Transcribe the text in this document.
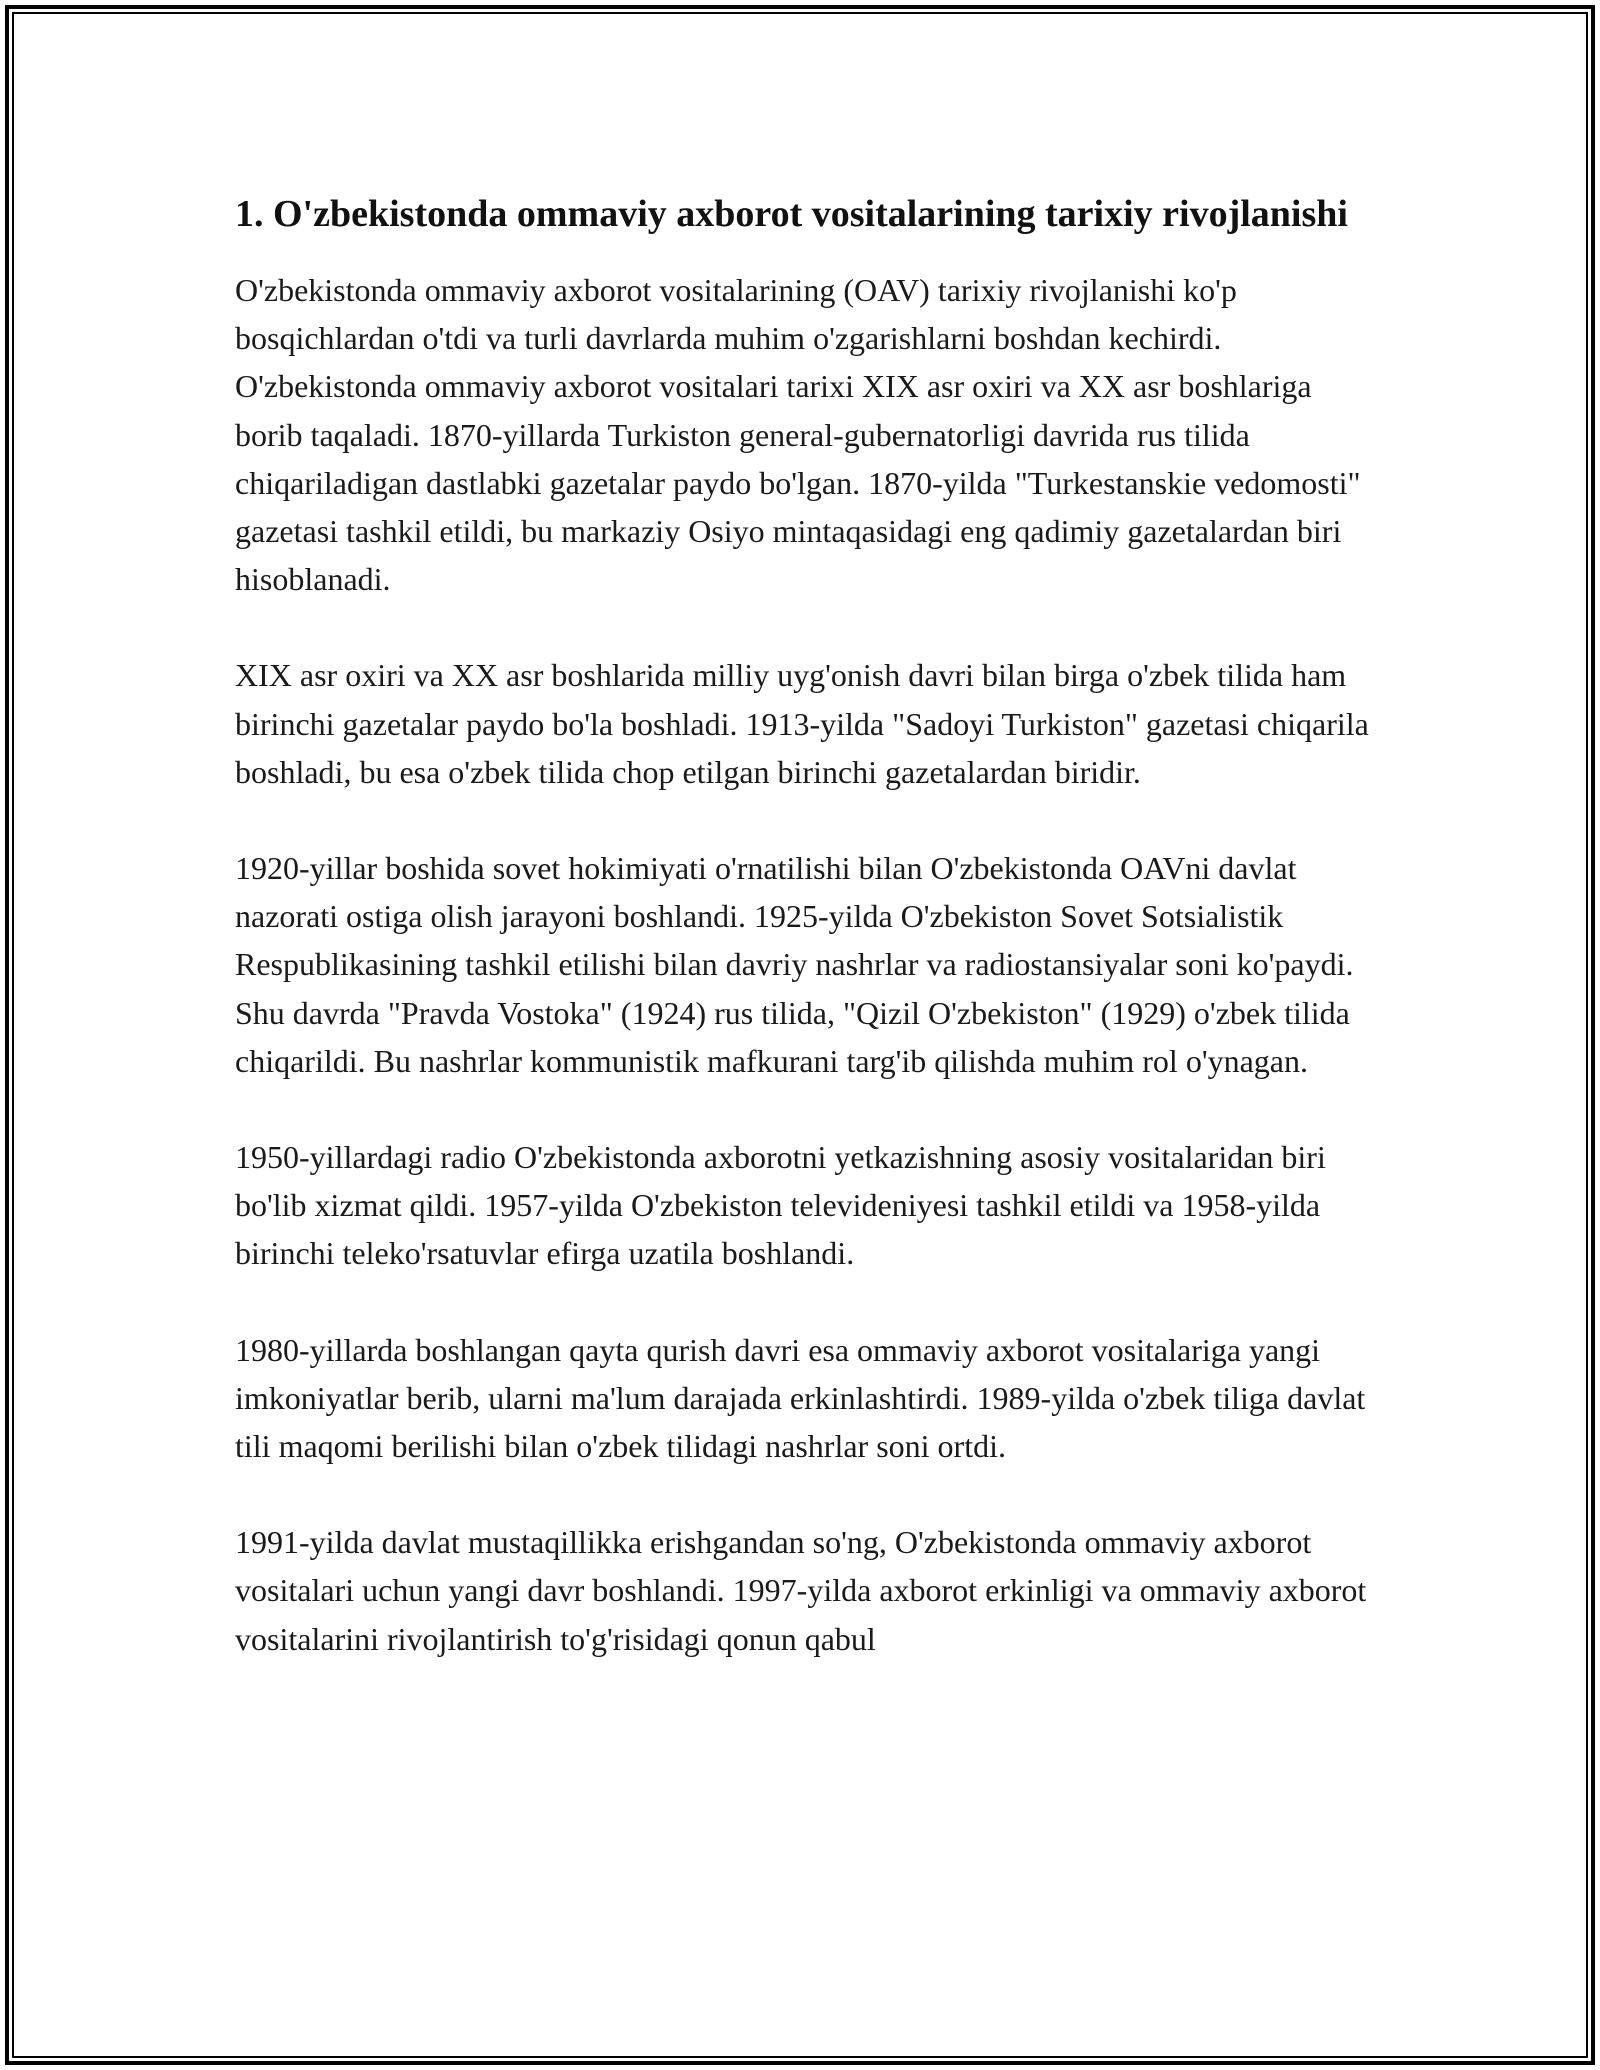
1. O'zbekistonda ommaviy axborot vositalarining tarixiy rivojlanishi

O'zbekistonda ommaviy axborot vositalarining (OAV) tarixiy rivojlanishi ko'p bosqichlardan o'tdi va turli davrlarda muhim o'zgarishlarni boshdan kechirdi. O'zbekistonda ommaviy axborot vositalari tarixi XIX asr oxiri va XX asr boshlariga borib taqaladi. 1870-yillarda Turkiston general-gubernatorligi davrida rus tilida chiqariladigan dastlabki gazetalar paydo bo'lgan. 1870-yilda "Turkestanskie vedomosti" gazetasi tashkil etildi, bu markaziy Osiyo mintaqasidagi eng qadimiy gazetalardan biri hisoblanadi.

XIX asr oxiri va XX asr boshlarida milliy uyg'onish davri bilan birga o'zbek tilida ham birinchi gazetalar paydo bo'la boshladi. 1913-yilda "Sadoyi Turkiston" gazetasi chiqarila boshladi, bu esa o'zbek tilida chop etilgan birinchi gazetalardan biridir.

1920-yillar boshida sovet hokimiyati o'rnatilishi bilan O'zbekistonda OAVni davlat nazorati ostiga olish jarayoni boshlandi. 1925-yilda O'zbekiston Sovet Sotsialistik Respublikasining tashkil etilishi bilan davriy nashrlar va radiostansiyalar soni ko'paydi. Shu davrda "Pravda Vostoka" (1924) rus tilida, "Qizil O'zbekiston" (1929) o'zbek tilida chiqarildi. Bu nashrlar kommunistik mafkurani targ'ib qilishda muhim rol o'ynagan.

1950-yillardagi radio O'zbekistonda axborotni yetkazishning asosiy vositalaridan biri bo'lib xizmat qildi. 1957-yilda O'zbekiston televideniyesi tashkil etildi va 1958-yilda birinchi teleko'rsatuvlar efirga uzatila boshlandi.

1980-yillarda boshlangan qayta qurish davri esa ommaviy axborot vositalariga yangi imkoniyatlar berib, ularni ma'lum darajada erkinlashtirdi. 1989-yilda o'zbek tiliga davlat tili maqomi berilishi bilan o'zbek tilidagi nashrlar soni ortdi.

1991-yilda davlat mustaqillikka erishgandan so'ng, O'zbekistonda ommaviy axborot vositalari uchun yangi davr boshlandi. 1997-yilda axborot erkinligi va ommaviy axborot vositalarini rivojlantirish to'g'risidagi qonun qabul
